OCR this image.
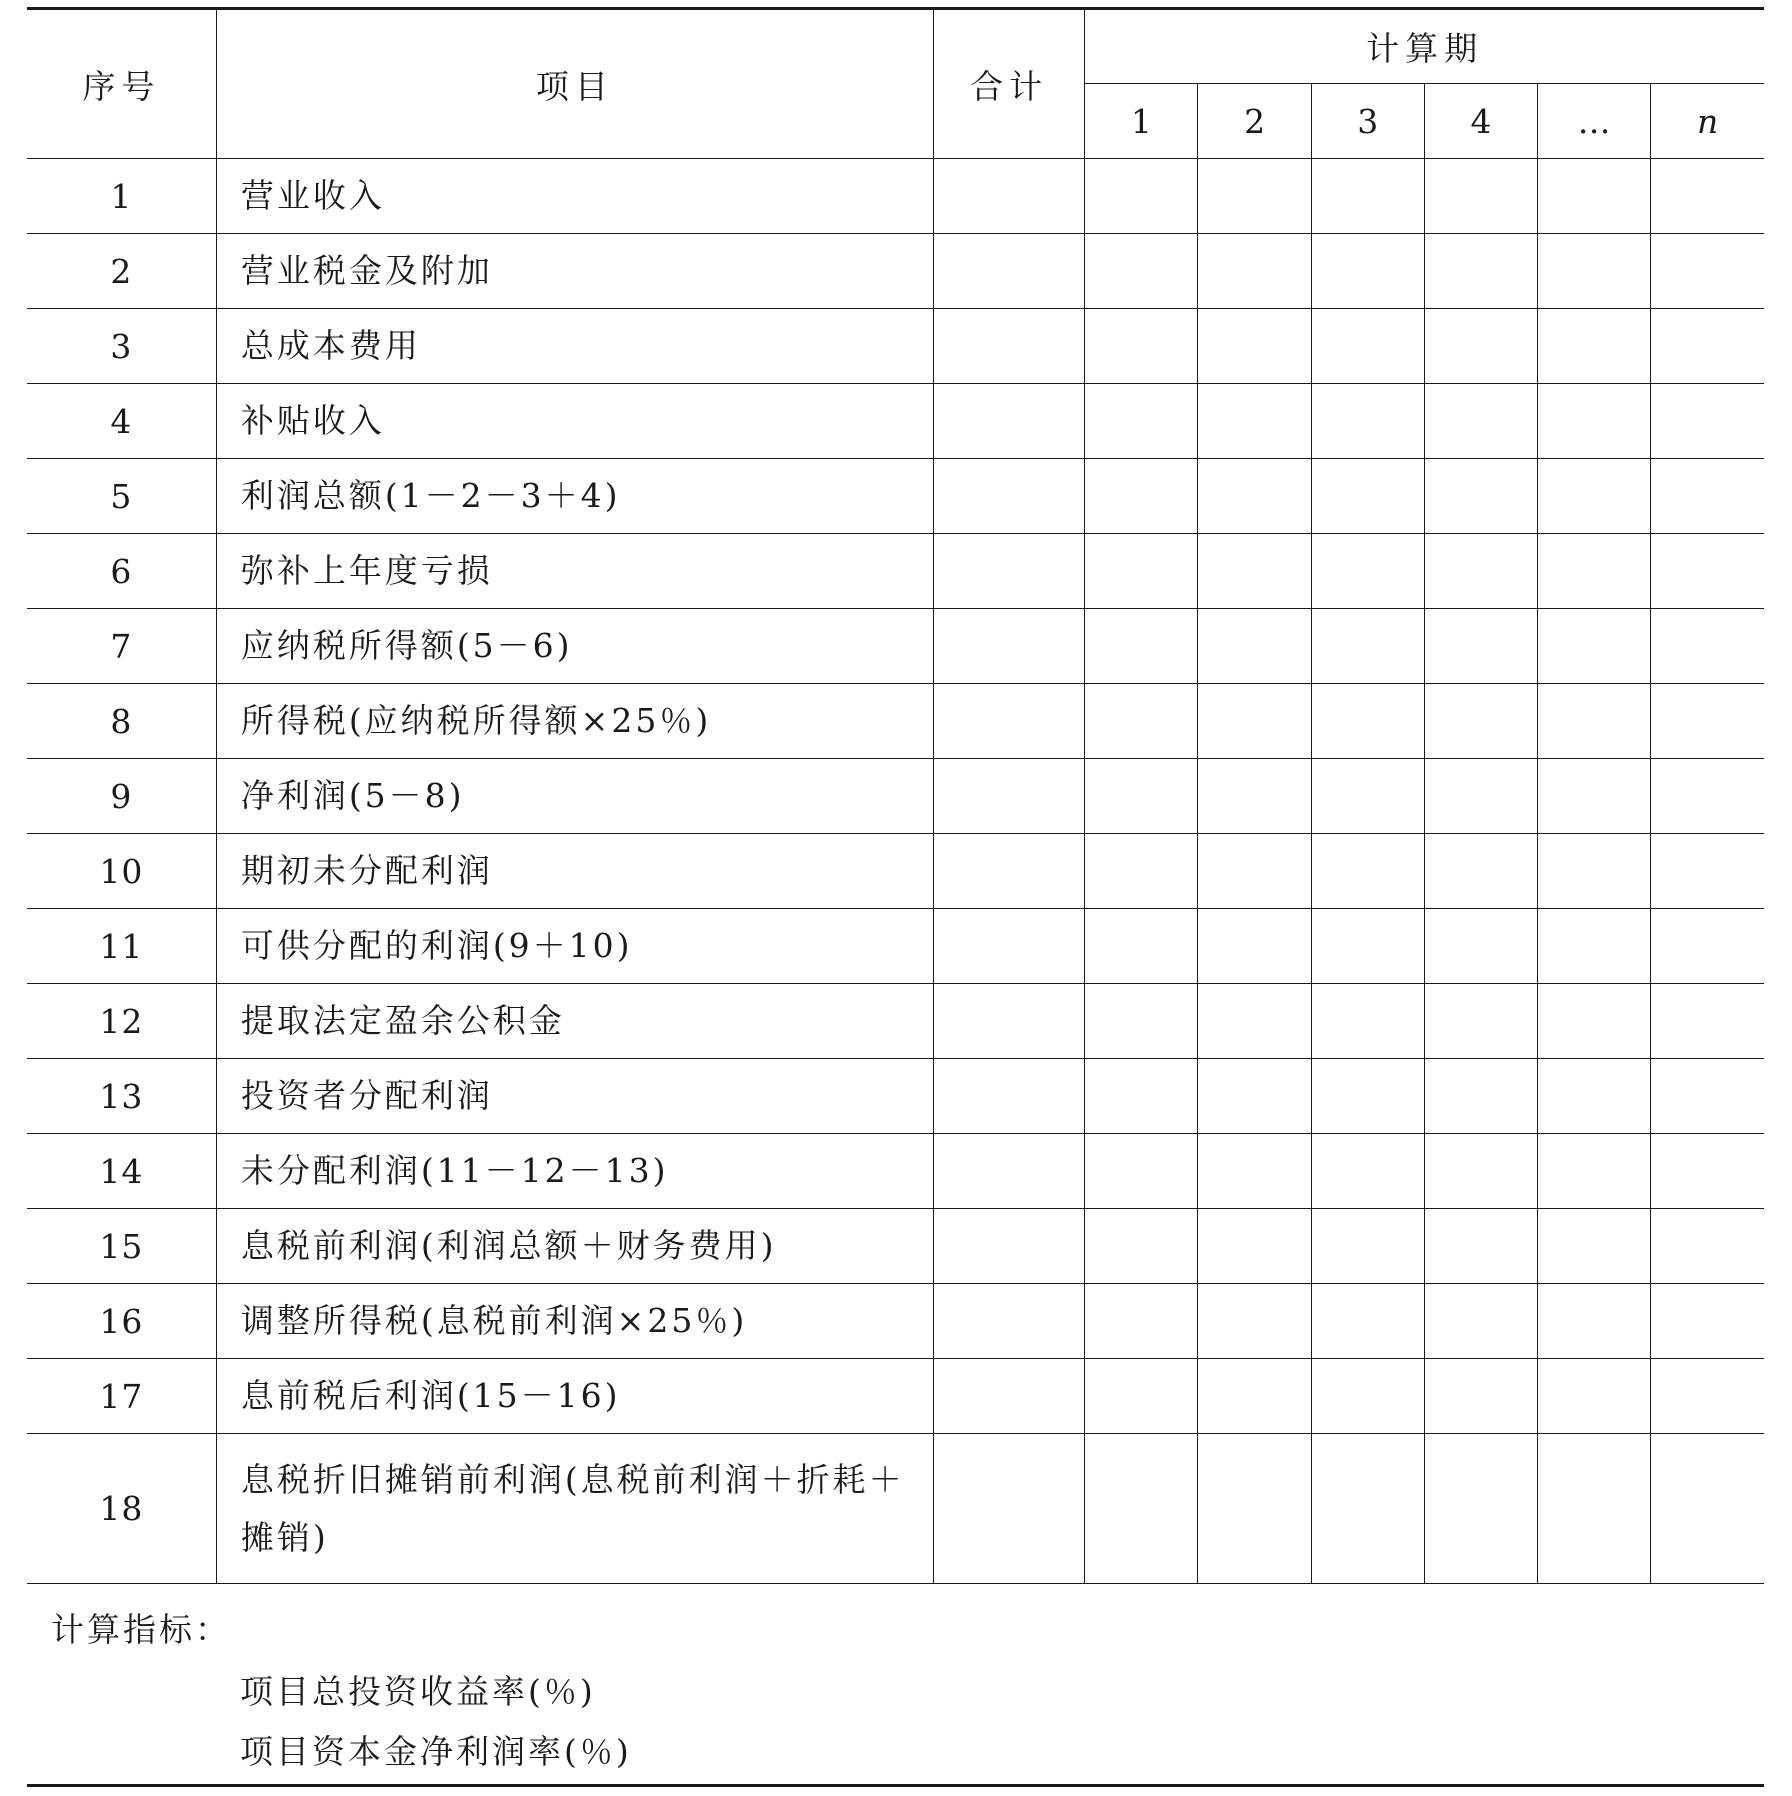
序号	项目	合计	计算期					
			1	2	3	4	…	n
1	营业收入							
2	营业税金及附加							
3	总成本费用							
4	补贴收入							
5	利润总额(1－2－3＋4)							
6	弥补上年度亏损							
7	应纳税所得额(5－6)							
8	所得税(应纳税所得额×25％)							
9	净利润(5－8)							
10	期初未分配利润							
11	可供分配的利润(9＋10)							
12	提取法定盈余公积金							
13	投资者分配利润							
14	未分配利润(11－12－13)							
15	息税前利润(利润总额＋财务费用)							
16	调整所得税(息税前利润×25％)							
17	息前税后利润(15－16)							
18	息税折旧摊销前利润(息税前利润＋折耗＋摊销)							
计算指标：
项目总投资收益率(％)
项目资本金净利润率(％)
